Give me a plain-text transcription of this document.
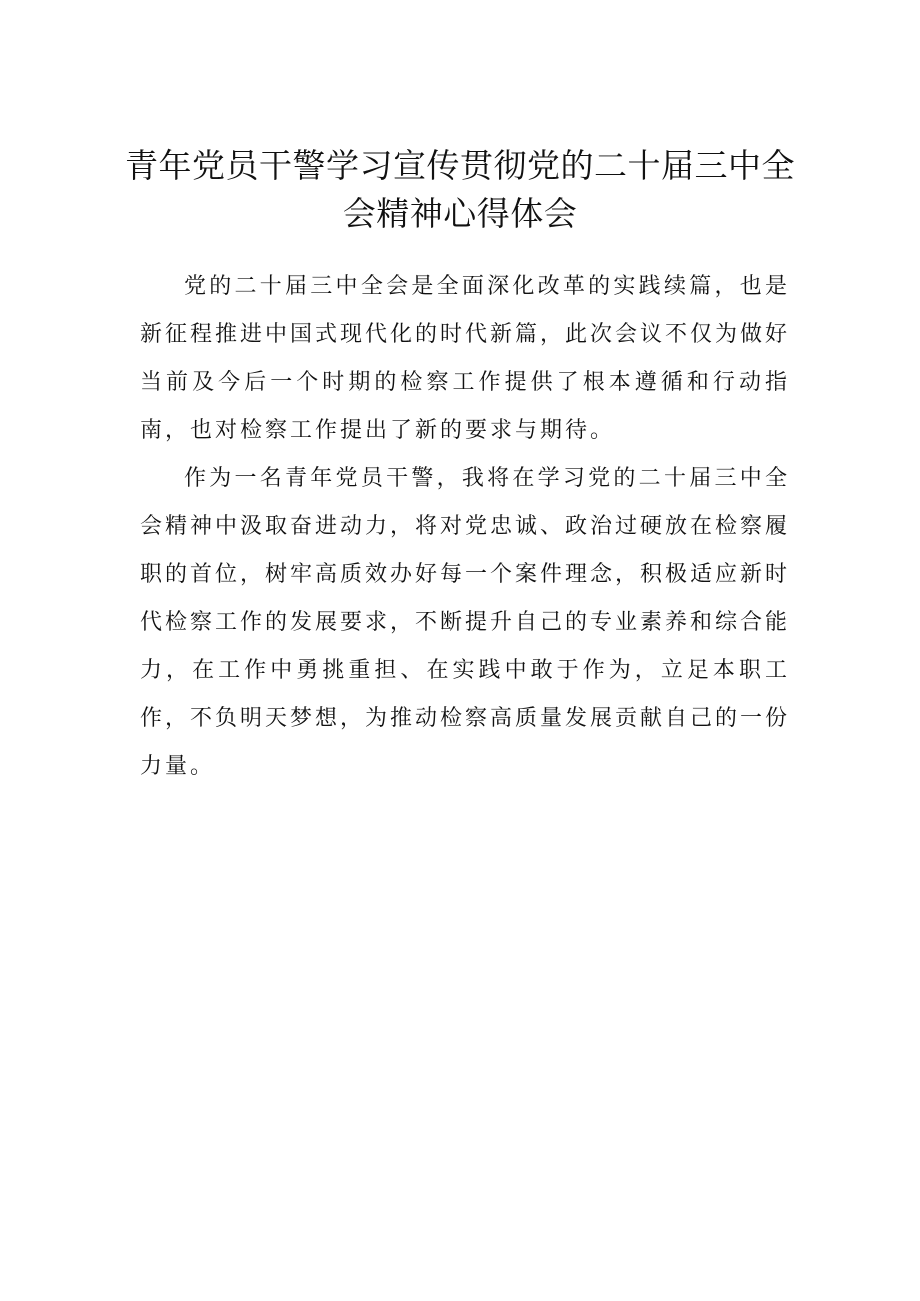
青年党员干警学习宣传贯彻党的二十届三中全
会精神心得体会

党的二十届三中全会是全面深化改革的实践续篇，也是新征程推进中国式现代化的时代新篇，此次会议不仅为做好当前及今后一个时期的检察工作提供了根本遵循和行动指南，也对检察工作提出了新的要求与期待。

作为一名青年党员干警，我将在学习党的二十届三中全会精神中汲取奋进动力，将对党忠诚、政治过硬放在检察履职的首位，树牢高质效办好每一个案件理念，积极适应新时代检察工作的发展要求，不断提升自己的专业素养和综合能力，在工作中勇挑重担、在实践中敢于作为，立足本职工作，不负明天梦想，为推动检察高质量发展贡献自己的一份力量。
